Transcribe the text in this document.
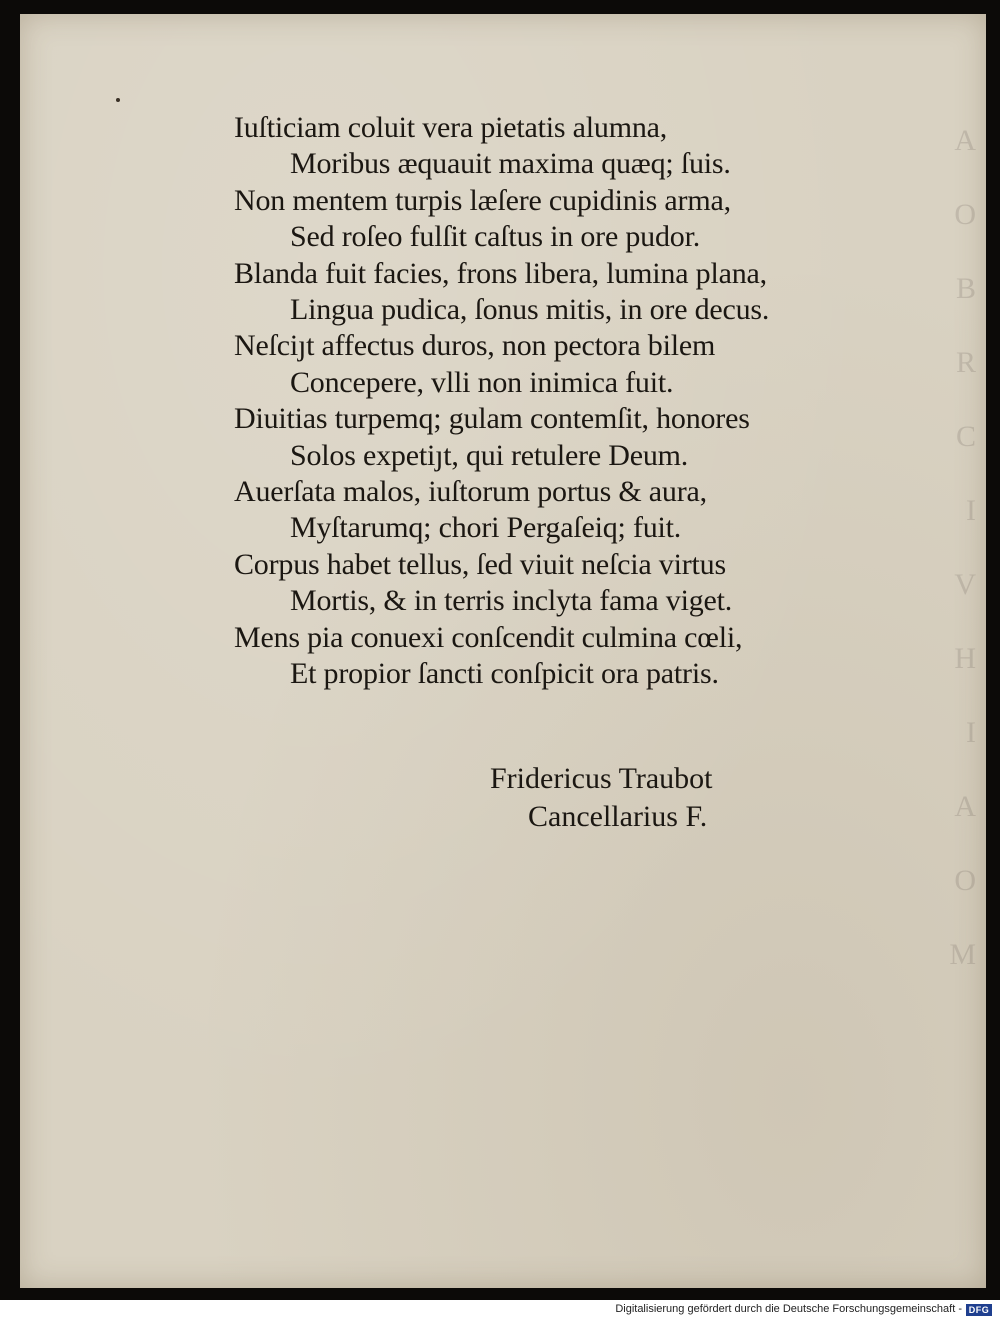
A
O
B
R
C
I
V
H
I
A
O
M
Iuſticiam coluit vera pietatis alumna,
Moribus æquauit maxima quæq; ſuis.
Non mentem turpis læſere cupidinis arma,
Sed roſeo fulſit caſtus in ore pudor.
Blanda fuit facies, frons libera, lumina plana,
Lingua pudica, ſonus mitis, in ore decus.
Neſciȷt affectus duros, non pectora bilem
Concepere, vlli non inimica fuit.
Diuitias turpemq; gulam contemſit, honores
Solos expetiȷt, qui retulere Deum.
Auerſata malos, iuſtorum portus & aura,
Myſtarumq; chori Pergaſeiq; fuit.
Corpus habet tellus, ſed viuit neſcia virtus
Mortis, & in terris inclyta fama viget.
Mens pia conuexi conſcendit culmina cœli,
Et propior ſancti conſpicit ora patris.
Fridericus Traubot
Cancellarius F.
Digitalisierung gefördert durch die Deutsche Forschungsgemeinschaft - DFG
